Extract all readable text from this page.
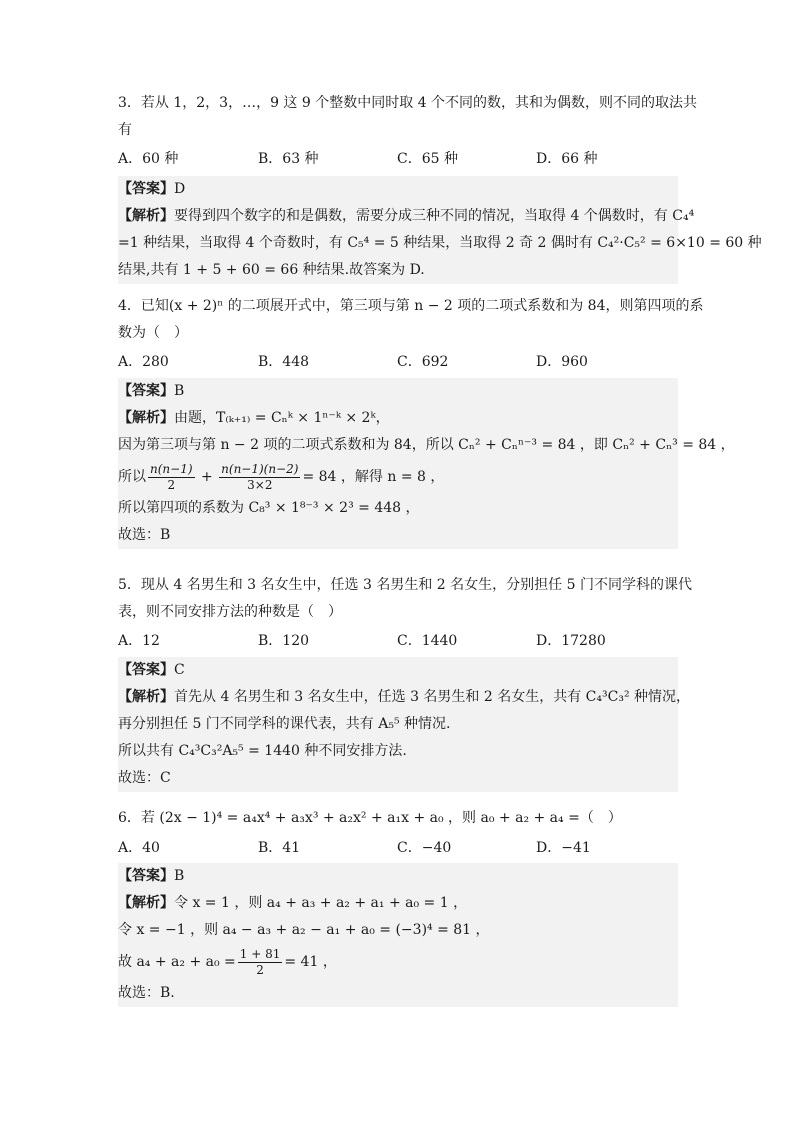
3．若从 1，2，3，…，9 这 9 个整数中同时取 4 个不同的数，其和为偶数，则不同的取法共
有
A．60 种	B．63 种	C．65 种	D．66 种
【答案】D
【解析】要得到四个数字的和是偶数，需要分成三种不同的情况，当取得 4 个偶数时，有 C₄⁴
=1 种结果，当取得 4 个奇数时，有 C₅⁴ = 5 种结果，当取得 2 奇 2 偶时有 C₄²·C₅² = 6×10 = 60 种
结果,共有 1 + 5 + 60 = 66 种结果.故答案为 D.
4．已知(x + 2)ⁿ 的二项展开式中，第三项与第 n − 2 项的二项式系数和为 84，则第四项的系
数为（　）
A．280	B．448	C．692	D．960
【答案】B
【解析】由题，T₍ₖ₊₁₎ = Cₙᵏ × 1ⁿ⁻ᵏ × 2ᵏ，
因为第三项与第 n − 2 项的二项式系数和为 84，所以 Cₙ² + Cₙⁿ⁻³ = 84 ，即 Cₙ² + Cₙ³ = 84 ，
所以 $\frac{n(n-1)}{2} + \frac{n(n-1)(n-2)}{3\times 2} = 84$ ，解得 n = 8 ，
所以第四项的系数为 C₈³ × 1⁸⁻³ × 2³ = 448 ，
故选：B
5．现从 4 名男生和 3 名女生中，任选 3 名男生和 2 名女生，分别担任 5 门不同学科的课代
表，则不同安排方法的种数是（　）
A．12	B．120	C．1440	D．17280
【答案】C
【解析】首先从 4 名男生和 3 名女生中，任选 3 名男生和 2 名女生，共有 C₄³C₃² 种情况，
再分别担任 5 门不同学科的课代表，共有 A₅⁵ 种情况.
所以共有 C₄³C₃²A₅⁵ = 1440 种不同安排方法.
故选：C
6．若 (2x − 1)⁴ = a₄x⁴ + a₃x³ + a₂x² + a₁x + a₀ ，则 a₀ + a₂ + a₄ =（　）
A．40	B．41	C．−40	D．−41
【答案】B
【解析】令 x = 1 ，则 a₄ + a₃ + a₂ + a₁ + a₀ = 1 ，
令 x = −1 ，则 a₄ − a₃ + a₂ − a₁ + a₀ = (−3)⁴ = 81 ，
故 $a_4 + a_2 + a_0 = \frac{1 + 81}{2} = 41$ ，
故选：B.
